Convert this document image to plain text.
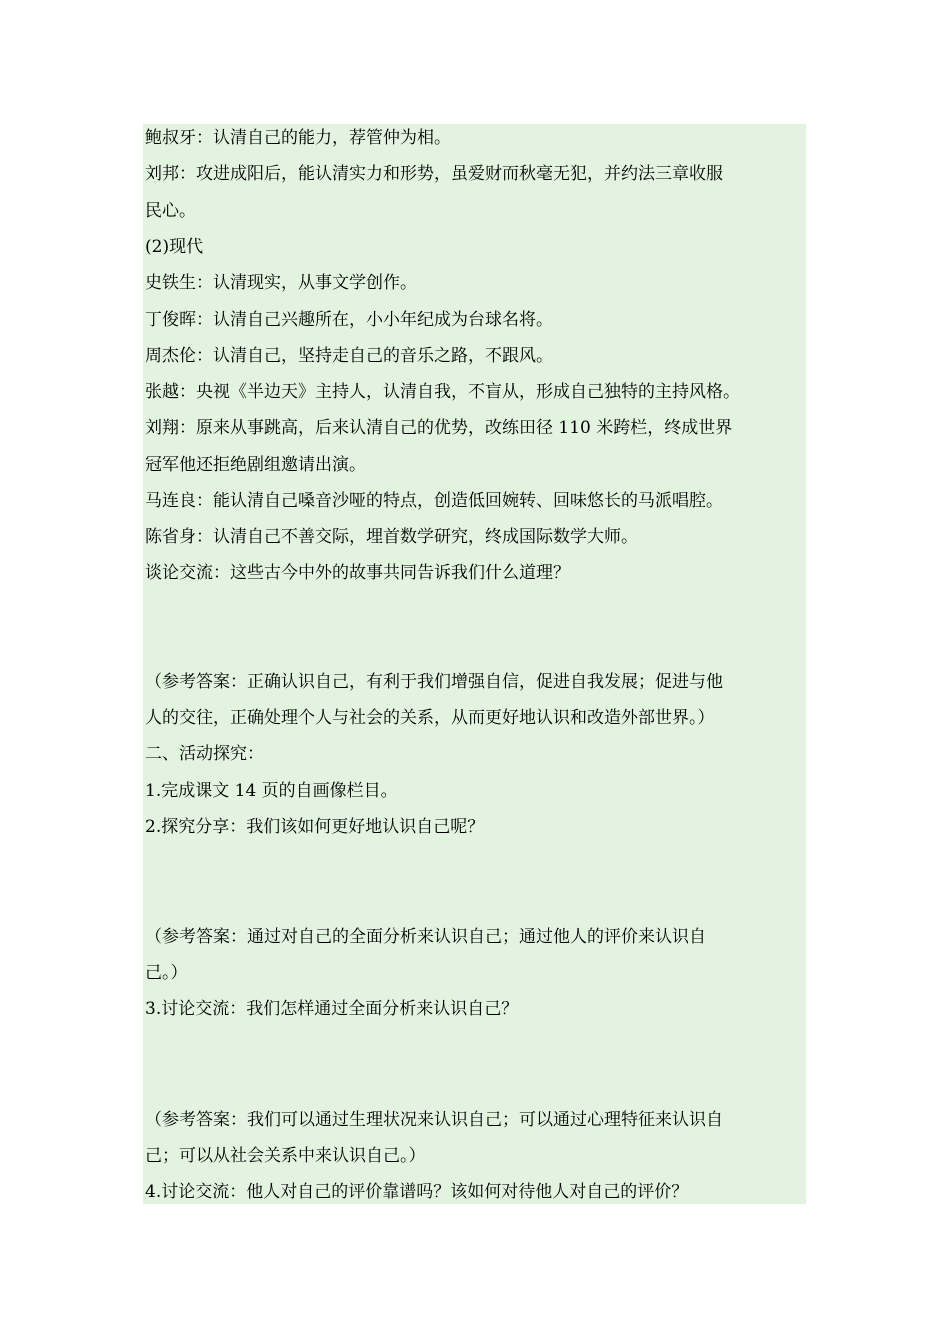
鲍叔牙：认清自己的能力，荐管仲为相。
刘邦：攻进成阳后，能认清实力和形势，虽爱财而秋毫无犯，并约法三章收服
民心。
(2)现代
史铁生：认清现实，从事文学创作。
丁俊晖：认清自己兴趣所在，小小年纪成为台球名将。
周杰伦：认清自己，坚持走自己的音乐之路，不跟风。
张越：央视《半边天》主持人，认清自我，不盲从，形成自己独特的主持风格。
刘翔：原来从事跳高，后来认清自己的优势，改练田径 110 米跨栏，终成世界
冠军他还拒绝剧组邀请出演。
马连良：能认清自己嗓音沙哑的特点，创造低回婉转、回味悠长的马派唱腔。
陈省身：认清自己不善交际，埋首数学研究，终成国际数学大师。
谈论交流：这些古今中外的故事共同告诉我们什么道理？
（参考答案：正确认识自己，有利于我们增强自信，促进自我发展；促进与他
人的交往，正确处理个人与社会的关系，从而更好地认识和改造外部世界。）
二、活动探究：
1.完成课文 14 页的自画像栏目。
2.探究分享：我们该如何更好地认识自己呢？
（参考答案：通过对自己的全面分析来认识自己；通过他人的评价来认识自
己。）
3.讨论交流：我们怎样通过全面分析来认识自己？
（参考答案：我们可以通过生理状况来认识自己；可以通过心理特征来认识自
己；可以从社会关系中来认识自己。）
4.讨论交流：他人对自己的评价靠谱吗？该如何对待他人对自己的评价？
